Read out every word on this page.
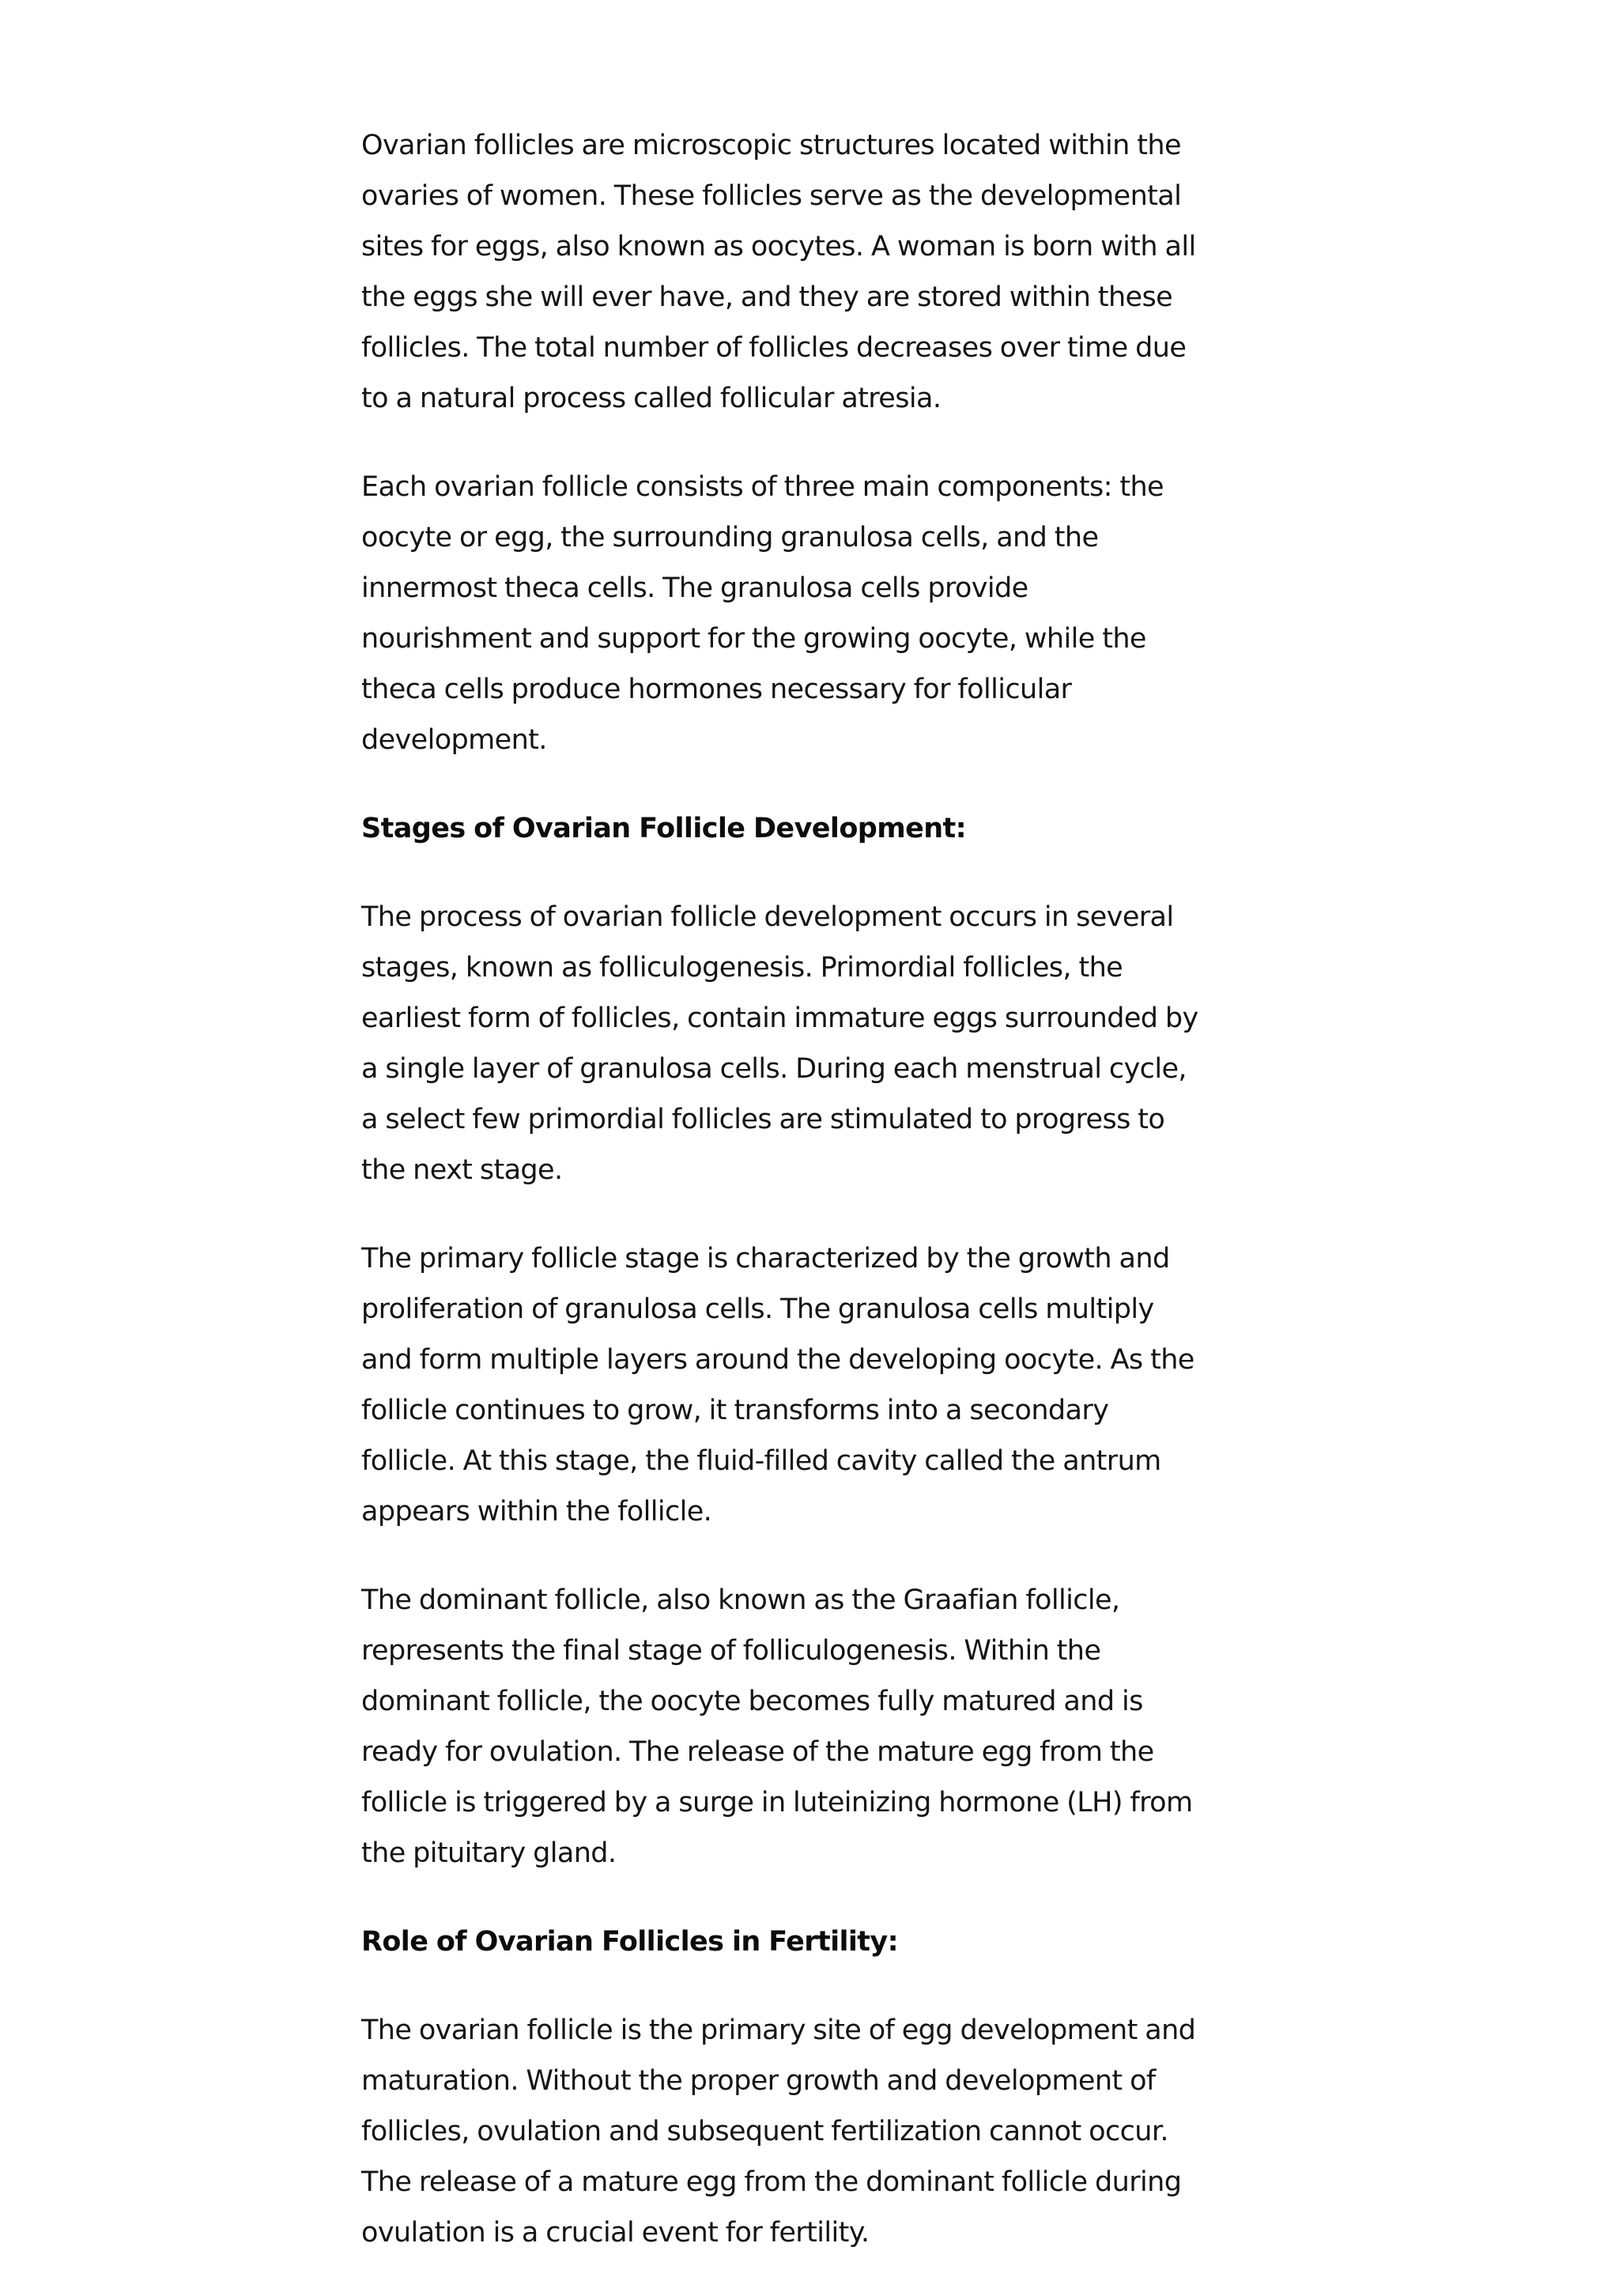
Ovarian follicles are microscopic structures located within the ovaries of women. These follicles serve as the developmental sites for eggs, also known as oocytes. A woman is born with all the eggs she will ever have, and they are stored within these follicles. The total number of follicles decreases over time due to a natural process called follicular atresia.

Each ovarian follicle consists of three main components: the oocyte or egg, the surrounding granulosa cells, and the innermost theca cells. The granulosa cells provide nourishment and support for the growing oocyte, while the theca cells produce hormones necessary for follicular development.

Stages of Ovarian Follicle Development:

The process of ovarian follicle development occurs in several stages, known as folliculogenesis. Primordial follicles, the earliest form of follicles, contain immature eggs surrounded by a single layer of granulosa cells. During each menstrual cycle, a select few primordial follicles are stimulated to progress to the next stage.

The primary follicle stage is characterized by the growth and proliferation of granulosa cells. The granulosa cells multiply and form multiple layers around the developing oocyte. As the follicle continues to grow, it transforms into a secondary follicle. At this stage, the fluid-filled cavity called the antrum appears within the follicle.

The dominant follicle, also known as the Graafian follicle, represents the final stage of folliculogenesis. Within the dominant follicle, the oocyte becomes fully matured and is ready for ovulation. The release of the mature egg from the follicle is triggered by a surge in luteinizing hormone (LH) from the pituitary gland.

Role of Ovarian Follicles in Fertility:

The ovarian follicle is the primary site of egg development and maturation. Without the proper growth and development of follicles, ovulation and subsequent fertilization cannot occur. The release of a mature egg from the dominant follicle during ovulation is a crucial event for fertility.
